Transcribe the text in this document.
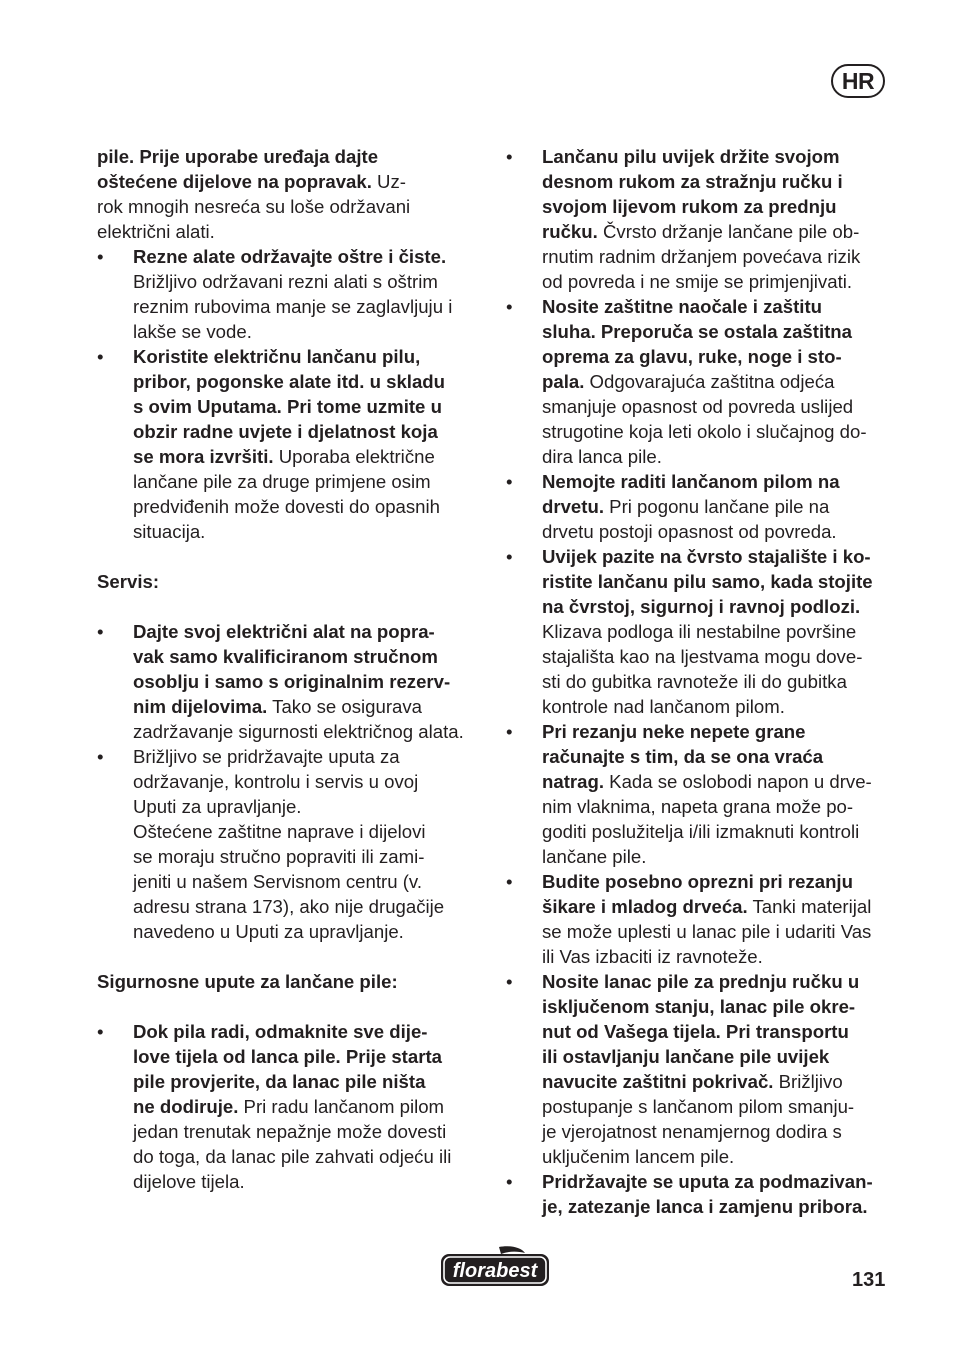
HR
pile. Prije uporabe uređaja dajte
oštećene dijelove na popravak. Uz-
rok mnogih nesreća su loše održavani
električni alati.
• Rezne alate održavajte oštre i čiste.
Brižljivo održavani rezni alati s oštrim
reznim rubovima manje se zaglavljuju i
lakše se vode.
• Koristite električnu lančanu pilu,
pribor, pogonske alate itd. u skladu
s ovim Uputama. Pri tome uzmite u
obzir radne uvjete i djelatnost koja
se mora izvršiti. Uporaba električne
lančane pile za druge primjene osim
predviđenih može dovesti do opasnih
situacija.
Servis:
• Dajte svoj električni alat na popra-
vak samo kvalificiranom stručnom
osoblju i samo s originalnim rezerv-
nim dijelovima. Tako se osigurava
zadržavanje sigurnosti električnog alata.
• Brižljivo se pridržavajte uputa za
održavanje, kontrolu i servis u ovoj
Uputi za upravljanje.
Oštećene zaštitne naprave i dijelovi
se moraju stručno popraviti ili zami-
jeniti u našem Servisnom centru (v.
adresu strana 173), ako nije drugačije
navedeno u Uputi za upravljanje.
Sigurnosne upute za lančane pile:
• Dok pila radi, odmaknite sve dije-
love tijela od lanca pile. Prije starta
pile provjerite, da lanac pile ništa
ne dodiruje. Pri radu lančanom pilom
jedan trenutak nepažnje može dovesti
do toga, da lanac pile zahvati odjeću ili
dijelove tijela.
• Lančanu pilu uvijek držite svojom
desnom rukom za stražnju ručku i
svojom lijevom rukom za prednju
ručku. Čvrsto držanje lančane pile ob-
rnutim radnim držanjem povećava rizik
od povreda i ne smije se primjenjivati.
• Nosite zaštitne naočale i zaštitu
sluha. Preporuča se ostala zaštitna
oprema za glavu, ruke, noge i sto-
pala. Odgovarajuća zaštitna odjeća
smanjuje opasnost od povreda uslijed
strugotine koja leti okolo i slučajnog do-
dira lanca pile.
• Nemojte raditi lančanom pilom na
drvetu. Pri pogonu lančane pile na
drvetu postoji opasnost od povreda.
• Uvijek pazite na čvrsto stajalište i ko-
ristite lančanu pilu samo, kada stojite
na čvrstoj, sigurnoj i ravnoj podlozi.
Klizava podloga ili nestabilne površine
stajališta kao na ljestvama mogu dove-
sti do gubitka ravnoteže ili do gubitka
kontrole nad lančanom pilom.
• Pri rezanju neke nepete grane
računajte s tim, da se ona vraća
natrag. Kada se oslobodi napon u drve-
nim vlaknima, napeta grana može po-
goditi poslužitelja i/ili izmaknuti kontroli
lančane pile.
• Budite posebno oprezni pri rezanju
šikare i mladog drveća. Tanki materijal
se može uplesti u lanac pile i udariti Vas
ili Vas izbaciti iz ravnoteže.
• Nosite lanac pile za prednju ručku u
isključenom stanju, lanac pile okre-
nut od Vašega tijela. Pri transportu
ili ostavljanju lančane pile uvijek
navucite zaštitni pokrivač. Brižljivo
postupanje s lančanom pilom smanju-
je vjerojatnost nenamjernog dodira s
uključenim lancem pile.
• Pridržavajte se uputa za podmazivan-
je, zatezanje lanca i zamjenu pribora.
florabest	131
